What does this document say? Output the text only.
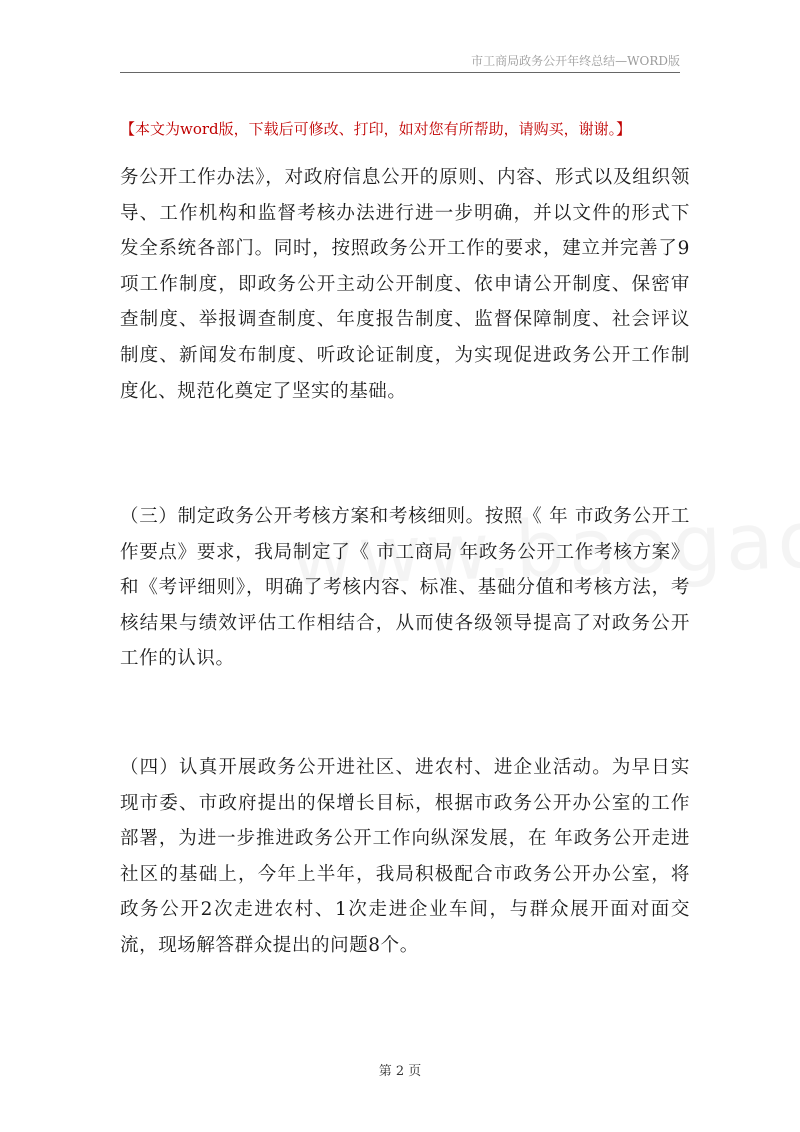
市工商局政务公开年终总结—WORD版
【本文为word版，下载后可修改、打印，如对您有所帮助，请购买，谢谢。】
务公开工作办法》，对政府信息公开的原则、内容、形式以及组织领导、工作机构和监督考核办法进行进一步明确，并以文件的形式下发全系统各部门。同时，按照政务公开工作的要求，建立并完善了9项工作制度，即政务公开主动公开制度、依申请公开制度、保密审查制度、举报调查制度、年度报告制度、监督保障制度、社会评议制度、新闻发布制度、听政论证制度，为实现促进政务公开工作制度化、规范化奠定了坚实的基础。
（三）制定政务公开考核方案和考核细则。按照《 年 市政务公开工作要点》要求，我局制定了《 市工商局 年政务公开工作考核方案》和《考评细则》，明确了考核内容、标准、基础分值和考核方法，考核结果与绩效评估工作相结合，从而使各级领导提高了对政务公开工作的认识。
（四）认真开展政务公开进社区、进农村、进企业活动。为早日实现市委、市政府提出的保增长目标，根据市政务公开办公室的工作部署，为进一步推进政务公开工作向纵深发展，在 年政务公开走进社区的基础上，今年上半年，我局积极配合市政务公开办公室，将政务公开2次走进农村、1次走进企业车间，与群众展开面对面交流，现场解答群众提出的问题8个。
第 2 页
